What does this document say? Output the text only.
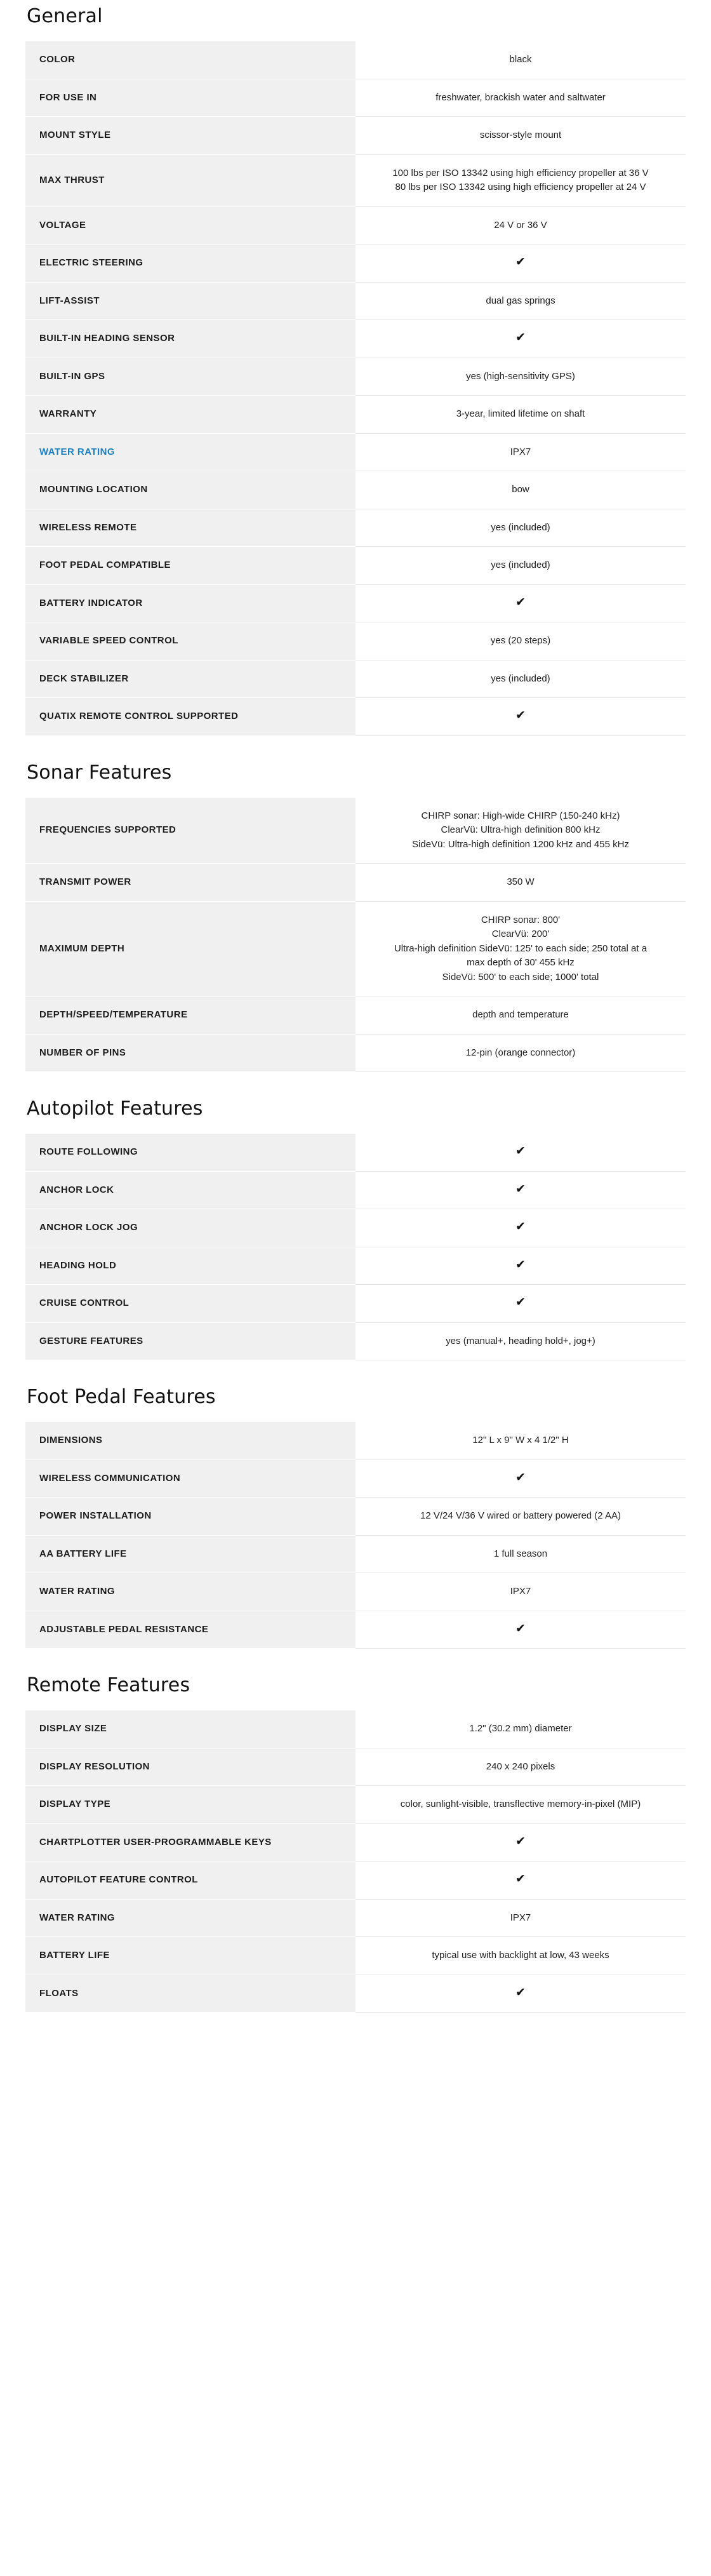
General
COLOR	black

FOR USE IN	freshwater, brackish water and saltwater

MOUNT STYLE	scissor-style mount

MAX THRUST	100 lbs per ISO 13342 using high efficiency propeller at 36 V
80 lbs per ISO 13342 using high efficiency propeller at 24 V

VOLTAGE	24 V or 36 V

ELECTRIC STEERING	✔
LIFT-ASSIST	dual gas springs

BUILT-IN HEADING SENSOR	✔
BUILT-IN GPS	yes (high-sensitivity GPS)

WARRANTY	3-year, limited lifetime on shaft

WATER RATING	IPX7

MOUNTING LOCATION	bow

WIRELESS REMOTE	yes (included)

FOOT PEDAL COMPATIBLE	yes (included)

BATTERY INDICATOR	✔
VARIABLE SPEED CONTROL	yes (20 steps)

DECK STABILIZER	yes (included)

QUATIX REMOTE CONTROL SUPPORTED	✔
Sonar Features
FREQUENCIES SUPPORTED	CHIRP sonar: High-wide CHIRP (150-240 kHz)
ClearVü: Ultra-high definition 800 kHz
SideVü: Ultra-high definition 1200 kHz and 455 kHz

TRANSMIT POWER	350 W

MAXIMUM DEPTH	CHIRP sonar: 800'
ClearVü: 200'
Ultra-high definition SideVü: 125' to each side; 250 total at a
max depth of 30' 455 kHz
SideVü: 500' to each side; 1000' total

DEPTH/SPEED/TEMPERATURE	depth and temperature

NUMBER OF PINS	12-pin (orange connector)
Autopilot Features
ROUTE FOLLOWING	✔
ANCHOR LOCK	✔
ANCHOR LOCK JOG	✔
HEADING HOLD	✔
CRUISE CONTROL	✔
GESTURE FEATURES	yes (manual+, heading hold+, jog+)
Foot Pedal Features
DIMENSIONS	12" L x 9" W x 4 1/2" H

WIRELESS COMMUNICATION	✔
POWER INSTALLATION	12 V/24 V/36 V wired or battery powered (2 AA)

AA BATTERY LIFE	1 full season

WATER RATING	IPX7

ADJUSTABLE PEDAL RESISTANCE	✔
Remote Features
DISPLAY SIZE	1.2" (30.2 mm) diameter

DISPLAY RESOLUTION	240 x 240 pixels

DISPLAY TYPE	color, sunlight-visible, transflective memory-in-pixel (MIP)

CHARTPLOTTER USER-PROGRAMMABLE KEYS	✔
AUTOPILOT FEATURE CONTROL	✔
WATER RATING	IPX7

BATTERY LIFE	typical use with backlight at low, 43 weeks

FLOATS	✔
